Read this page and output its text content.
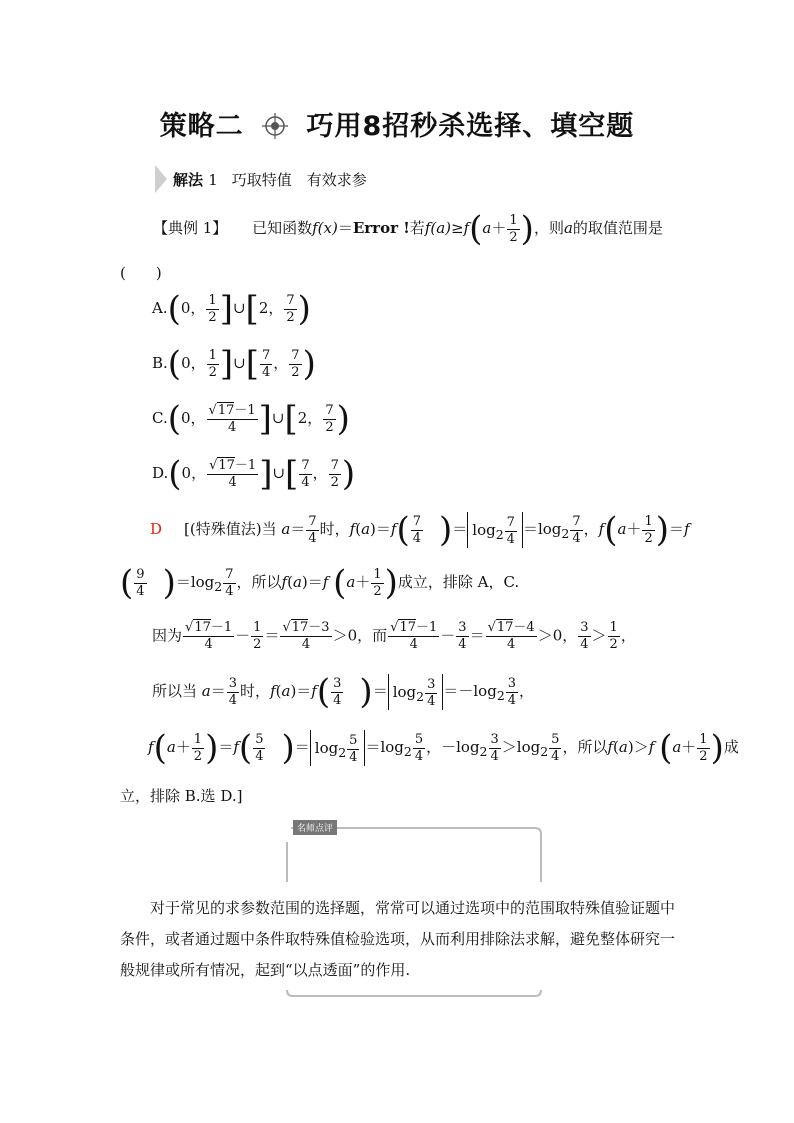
策略二 巧用8招秒杀选择、填空题
解法 1 巧取特值　有效求参
【典例 1】 已知函数f(x)＝Error !若$f(a)\ge f(a+ \frac{1}{2}$ )，则a的取值范围是
(　　)
A.(0， $\frac{1}{2}$ ]∪[2， $\frac{7}{2}$ )
B.(0， $\frac{1}{2}$ ]∪[ $\frac{7}{4}$ ， $\frac{7}{2}$ )
C.(0， $\frac{√17-1}{4}$ ]∪[2， $\frac{7}{2}$ )
D.(0， $\frac{√17-1}{4}$ ]∪[ $\frac{7}{4}$ ， $\frac{7}{2}$ )
D [(特殊值法)当 $a= \frac{7}{4}$ 时，$f(a)=f( \frac{7}{4}$
　 )＝ $\log_2 \frac{7}{4} =\log_2 \frac{7}{4}$ ，$f(a+ \frac{1}{2} )=f$
( $\frac{9}{4}$
　 )$=\log_2 \frac{7}{4}$ ，所以f(a)＝f ($a+ \frac{1}{2}$ )成立，排除 A，C.
因为 $\frac{√17-1}{4} - \frac{1}{2} = \frac{√17-3}{4} >0$，而 $\frac{√17-1}{4} - \frac{3}{4} = \frac{√17-4}{4} >0$， $\frac{3}{4} > \frac{1}{2}$ ，
所以当 $a= \frac{3}{4}$ 时，$f(a)=f( \frac{3}{4}$
　 )＝ $\log_2 \frac{3}{4} =-\log_2 \frac{3}{4}$ ，
$f(a+ \frac{1}{2} )=f( \frac{5}{4}$
　 )＝ $\log_2 \frac{5}{4} =\log_2 \frac{5}{4}$ ，$-\log_2 \frac{3}{4} >\log_2 \frac{5}{4}$ ，所以f(a)＞f ($a+ \frac{1}{2}$ )成
立，排除 B.选 D.]
名师点评
对于常见的求参数范围的选择题，常常可以通过选项中的范围取特殊值验证题中条件，或者通过题中条件取特殊值检验选项，从而利用排除法求解，避免整体研究一般规律或所有情况，起到“以点透面”的作用.
